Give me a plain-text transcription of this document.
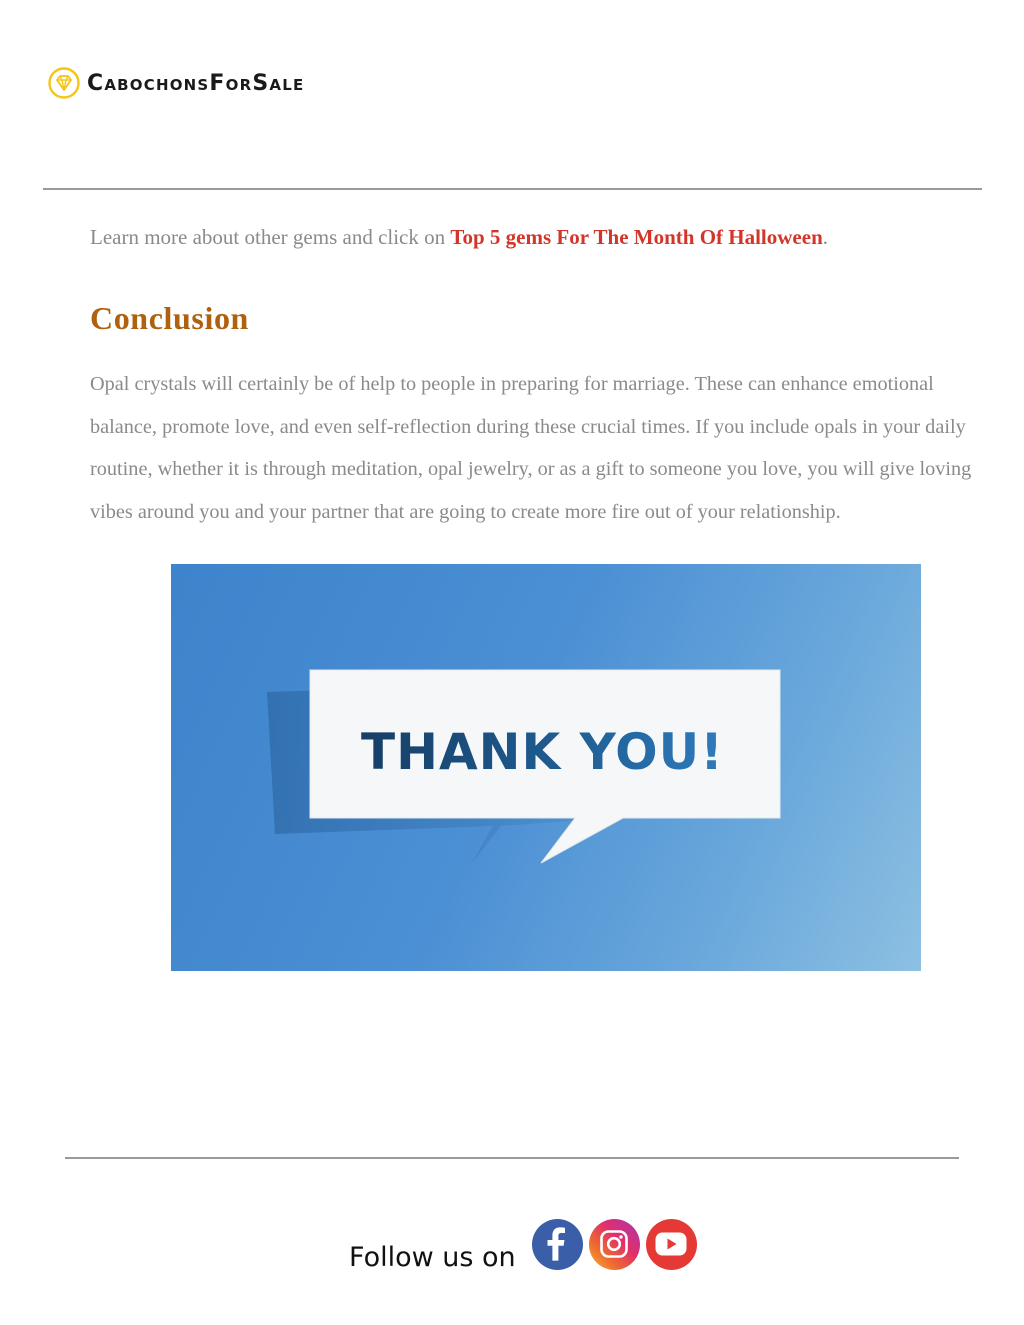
CabochonsForSale
Learn more about other gems and click on Top 5 gems For The Month Of Halloween.
Conclusion

Opal crystals will certainly be of help to people in preparing for marriage. These can enhance emotional balance, promote love, and even self-reflection during these crucial times. If you include opals in your daily routine, whether it is through meditation, opal jewelry, or as a gift to someone you love, you will give loving vibes around you and your partner that are going to create more fire out of your relationship.

THANK YOU!
Follow us on
